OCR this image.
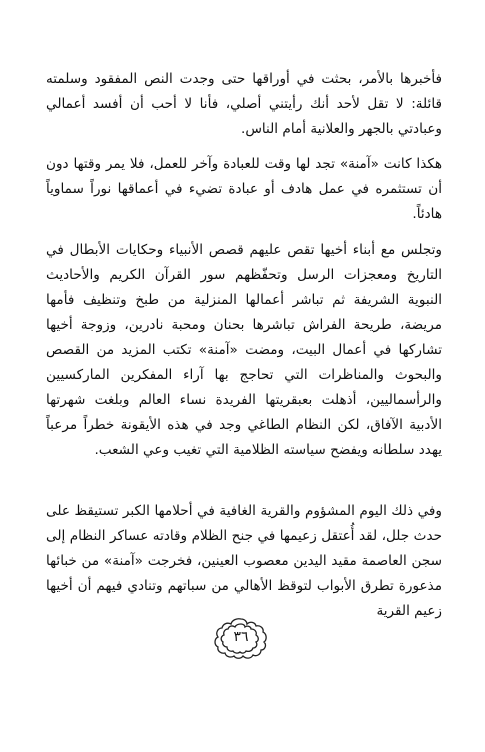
فأخبرها بالأمر، بحثت في أوراقها حتى وجدت النص المفقود وسلمته قائلة: لا تقل لأحد أنك رأيتني أصلي، فأنا لا أحب أن أفسد أعمالي وعبادتي بالجهر والعلانية أمام الناس.

هكذا كانت «آمنة» تجد لها وقت للعبادة وآخر للعمل، فلا يمر وقتها دون أن تستثمره في عمل هادف أو عبادة تضيء في أعماقها نوراً سماوياً هادئاً.

وتجلس مع أبناء أخيها تقص عليهم قصص الأنبياء وحكايات الأبطال في التاريخ ومعجزات الرسل وتحفّظهم سور القرآن الكريم والأحاديث النبوية الشريفة ثم تباشر أعمالها المنزلية من طبخ وتنظيف فأمها مريضة، طريحة الفراش تباشرها بحنان ومحبة نادرين، وزوجة أخيها تشاركها في أعمال البيت، ومضت «آمنة» تكتب المزيد من القصص والبحوث والمناظرات التي تحاجج بها آراء المفكرين الماركسيين والرأسماليين، أذهلت بعبقريتها الفريدة نساء العالم وبلغت شهرتها الأدبية الآفاق، لكن النظام الطاغي وجد في هذه الأيقونة خطراً مرعباً يهدد سلطانه ويفضح سياسته الظلامية التي تغيب وعي الشعب.

وفي ذلك اليوم المشؤوم والقرية الغافية في أحلامها الكبر تستيقظ على حدث جلل، لقد أُعتقل زعيمها في جنح الظلام وقادته عساكر النظام إلى سجن العاصمة مقيد اليدين معصوب العينين، فخرجت «آمنة» من خبائها مذعورة تطرق الأبواب لتوقظ الأهالي من سباتهم وتنادي فيهم أن أخيها زعيم القرية

٣٦
